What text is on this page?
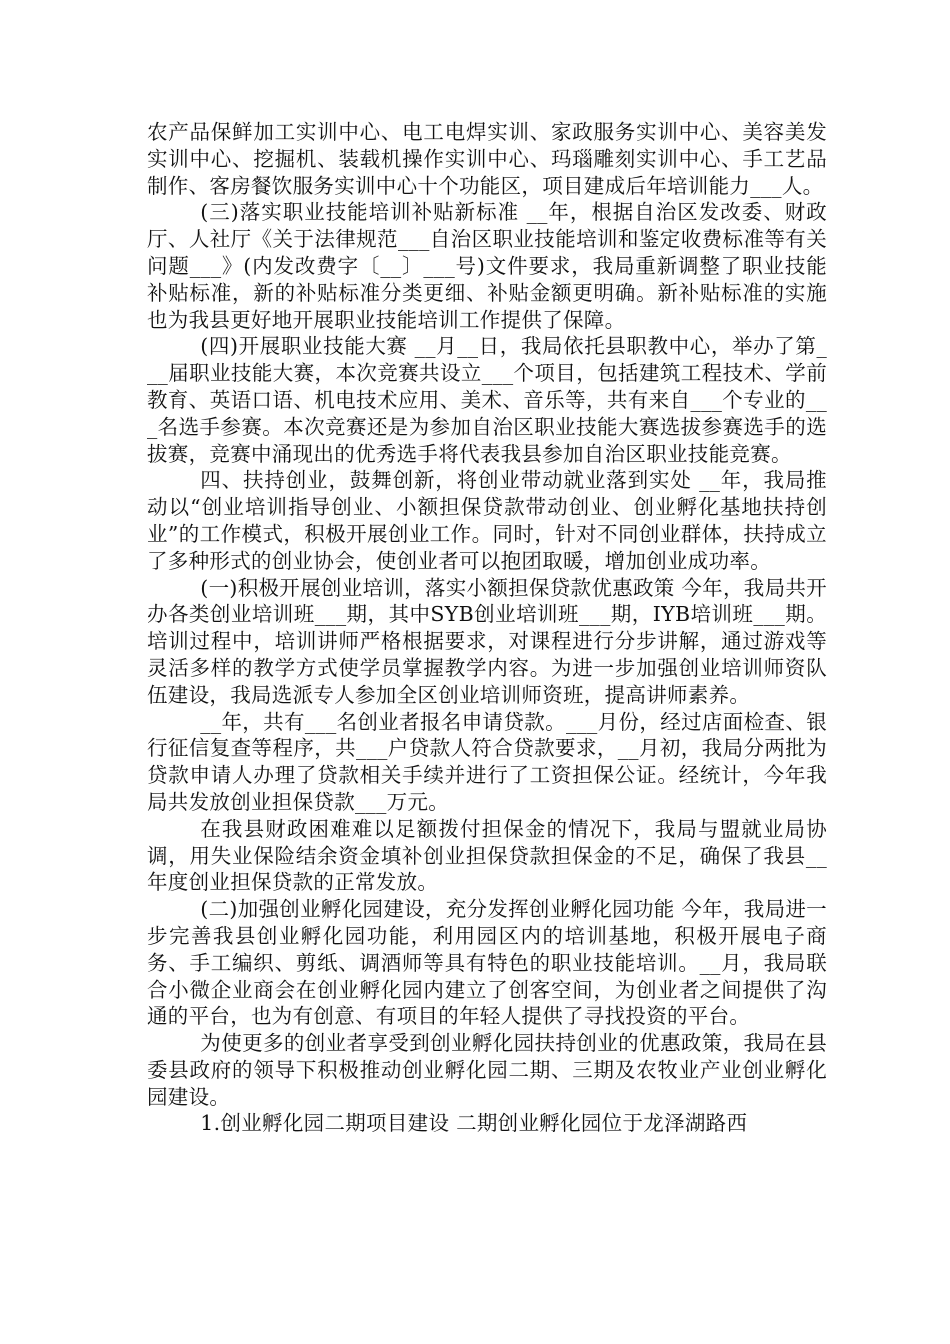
农产品保鲜加工实训中心、电工电焊实训、家政服务实训中心、美容美发实训中心、挖掘机、装载机操作实训中心、玛瑙雕刻实训中心、手工艺品制作、客房餐饮服务实训中心十个功能区，项目建成后年培训能力___人。

(三)落实职业技能培训补贴新标准 __年，根据自治区发改委、财政厅、人社厅《关于法律规范___自治区职业技能培训和鉴定收费标准等有关问题___》(内发改费字〔__〕___号)文件要求，我局重新调整了职业技能补贴标准，新的补贴标准分类更细、补贴金额更明确。新补贴标准的实施也为我县更好地开展职业技能培训工作提供了保障。

(四)开展职业技能大赛 __月__日，我局依托县职教中心，举办了第___届职业技能大赛，本次竞赛共设立___个项目，包括建筑工程技术、学前教育、英语口语、机电技术应用、美术、音乐等，共有来自___个专业的___名选手参赛。本次竞赛还是为参加自治区职业技能大赛选拔参赛选手的选拔赛，竞赛中涌现出的优秀选手将代表我县参加自治区职业技能竞赛。

四、扶持创业，鼓舞创新，将创业带动就业落到实处 __年，我局推动以“创业培训指导创业、小额担保贷款带动创业、创业孵化基地扶持创业”的工作模式，积极开展创业工作。同时，针对不同创业群体，扶持成立了多种形式的创业协会，使创业者可以抱团取暖，增加创业成功率。

(一)积极开展创业培训，落实小额担保贷款优惠政策 今年，我局共开办各类创业培训班___期，其中SYB创业培训班___期，IYB培训班___期。培训过程中，培训讲师严格根据要求，对课程进行分步讲解，通过游戏等灵活多样的教学方式使学员掌握教学内容。为进一步加强创业培训师资队伍建设，我局选派专人参加全区创业培训师资班，提高讲师素养。

__年，共有___名创业者报名申请贷款。___月份，经过店面检查、银行征信复查等程序，共___户贷款人符合贷款要求，__月初，我局分两批为贷款申请人办理了贷款相关手续并进行了工资担保公证。经统计，今年我局共发放创业担保贷款___万元。

在我县财政困难难以足额拨付担保金的情况下，我局与盟就业局协调，用失业保险结余资金填补创业担保贷款担保金的不足，确保了我县__年度创业担保贷款的正常发放。

(二)加强创业孵化园建设，充分发挥创业孵化园功能 今年，我局进一步完善我县创业孵化园功能，利用园区内的培训基地，积极开展电子商务、手工编织、剪纸、调酒师等具有特色的职业技能培训。__月，我局联合小微企业商会在创业孵化园内建立了创客空间，为创业者之间提供了沟通的平台，也为有创意、有项目的年轻人提供了寻找投资的平台。

为使更多的创业者享受到创业孵化园扶持创业的优惠政策，我局在县委县政府的领导下积极推动创业孵化园二期、三期及农牧业产业创业孵化园建设。

1.创业孵化园二期项目建设 二期创业孵化园位于龙泽湖路西
